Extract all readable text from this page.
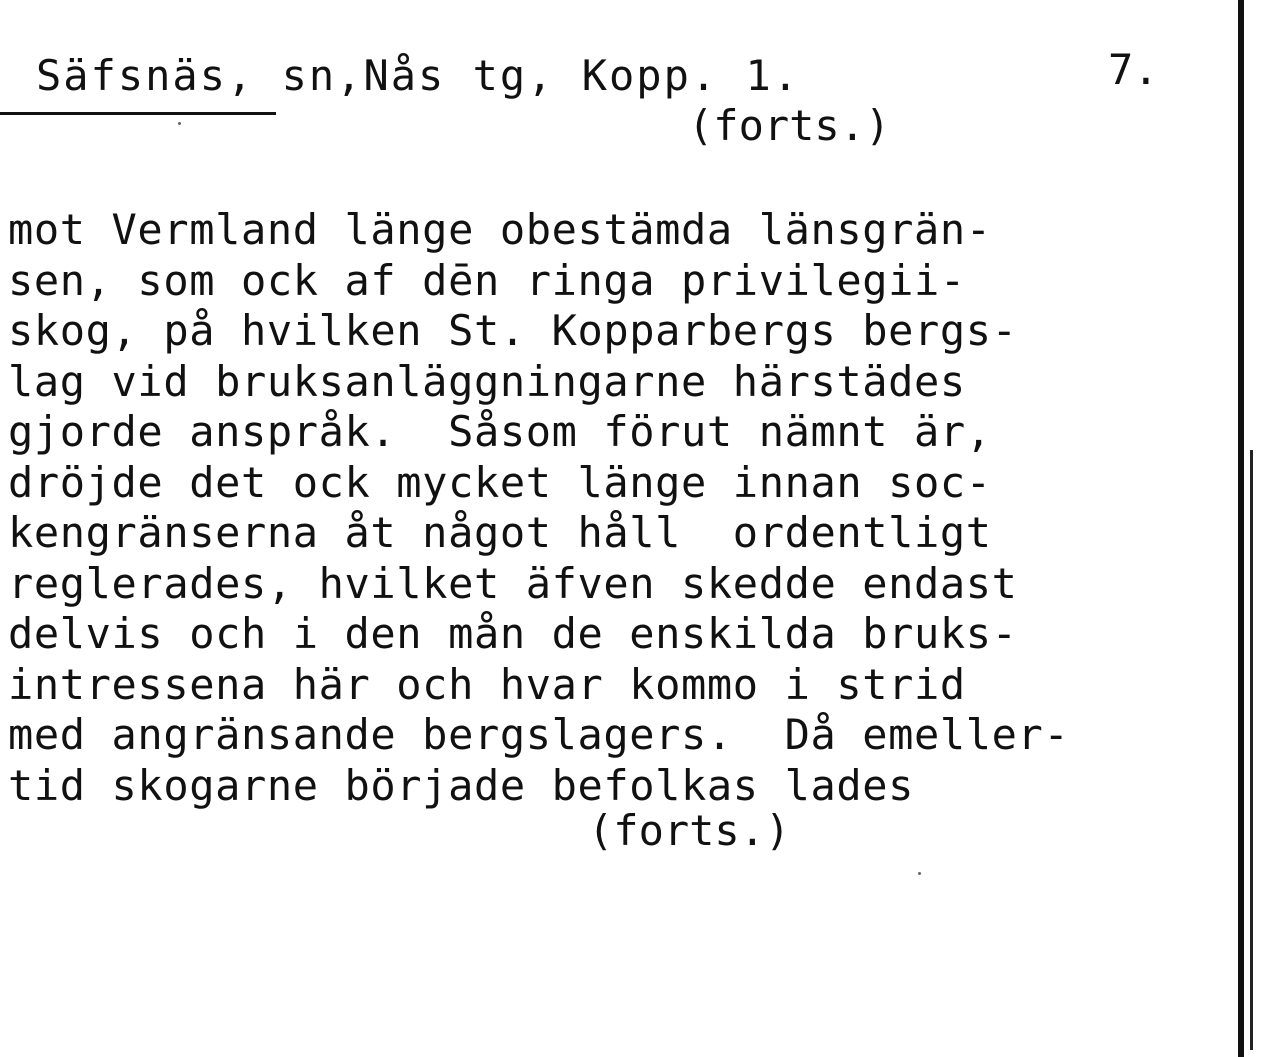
Säfsnäs, sn,Nås tg, Kopp. 1.	7.
(forts.)
mot Vermland länge obestämda länsgrän-
sen, som ock af dēn ringa privilegii-
skog, på hvilken St. Kopparbergs bergs-
lag vid bruksanläggningarne härstädes
gjorde anspråk.  Såsom förut nämnt är,
dröjde det ock mycket länge innan soc-
kengränserna åt något håll  ordentligt
reglerades, hvilket äfven skedde endast
delvis och i den mån de enskilda bruks-
intressena här och hvar kommo i strid
med angränsande bergslagers.  Då emeller-
tid skogarne började befolkas lades
(forts.)
